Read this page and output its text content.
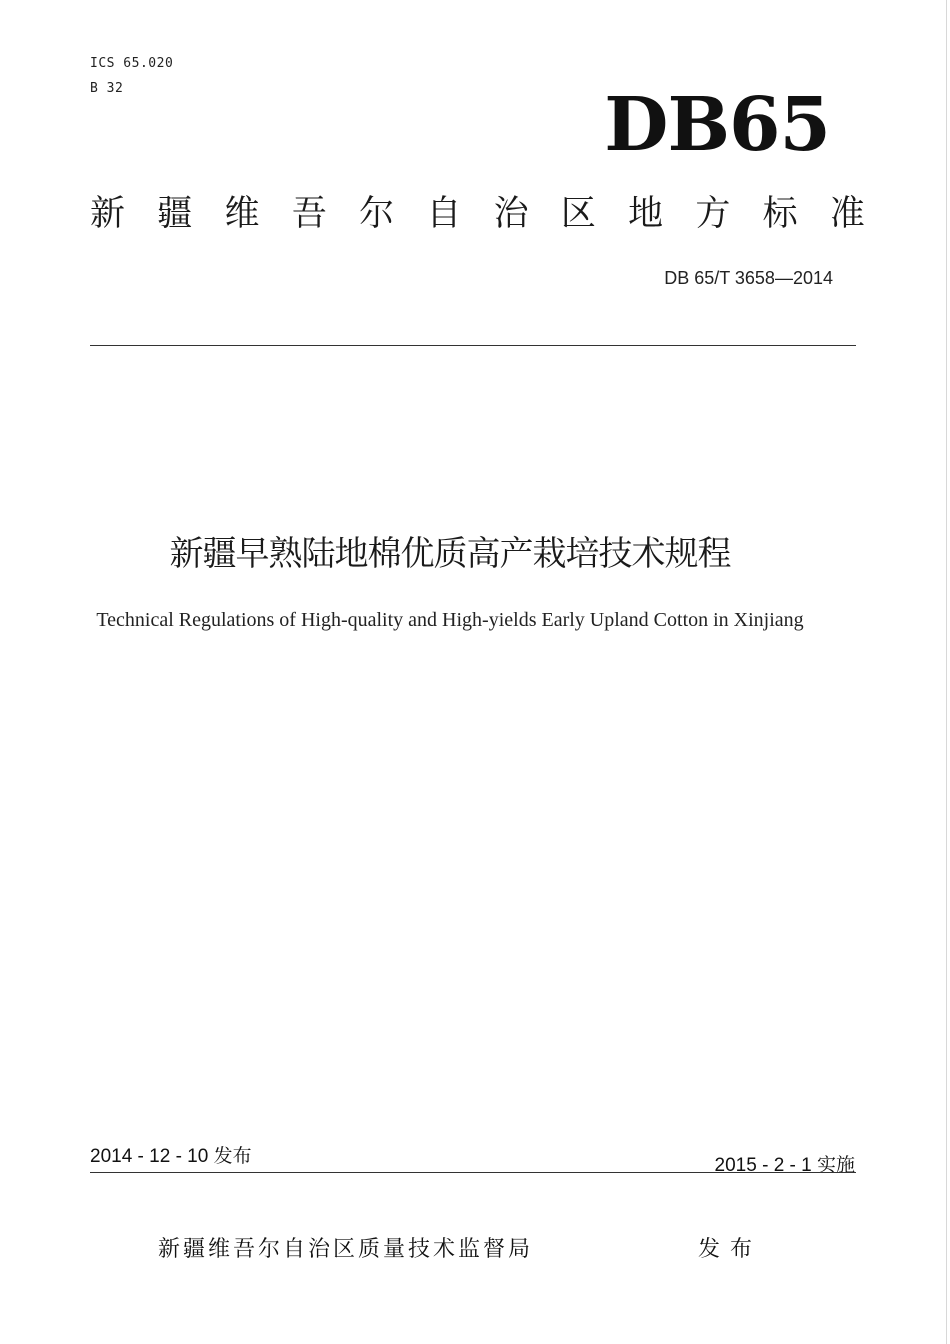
ICS 65.020
B 32	DB65
新 疆 维 吾 尔 自 治 区 地 方 标 准
DB 65/T 3658—2014
新疆早熟陆地棉优质高产栽培技术规程
Technical Regulations of High-quality and High-yields Early Upland Cotton in Xinjiang
2014 - 12 - 10 发布	2015 - 2 - 1 实施
新疆维吾尔自治区质量技术监督局	发布
